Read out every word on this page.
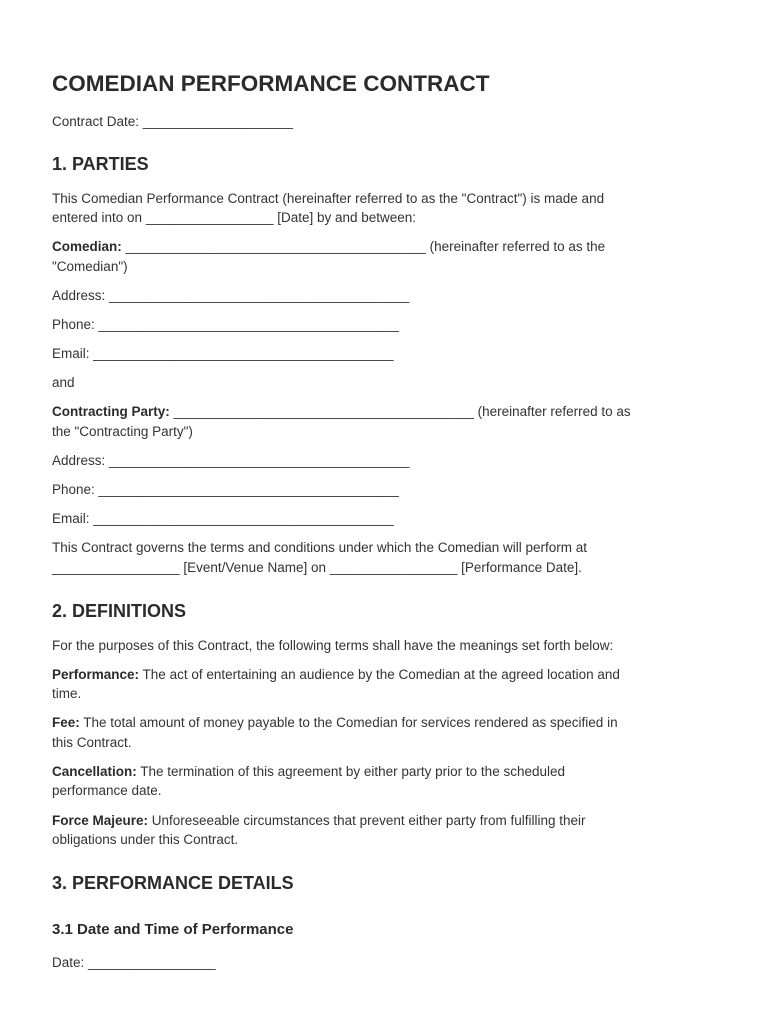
COMEDIAN PERFORMANCE CONTRACT
Contract Date: ____________________
1. PARTIES
This Comedian Performance Contract (hereinafter referred to as the "Contract") is made and
entered into on _________________ [Date] by and between:
Comedian: ________________________________________ (hereinafter referred to as the
"Comedian")
Address: ________________________________________
Phone: ________________________________________
Email: ________________________________________
and
Contracting Party: ________________________________________ (hereinafter referred to as
the "Contracting Party")
Address: ________________________________________
Phone: ________________________________________
Email: ________________________________________
This Contract governs the terms and conditions under which the Comedian will perform at
_________________ [Event/Venue Name] on _________________ [Performance Date].
2. DEFINITIONS
For the purposes of this Contract, the following terms shall have the meanings set forth below:
Performance: The act of entertaining an audience by the Comedian at the agreed location and
time.
Fee: The total amount of money payable to the Comedian for services rendered as specified in
this Contract.
Cancellation: The termination of this agreement by either party prior to the scheduled
performance date.
Force Majeure: Unforeseeable circumstances that prevent either party from fulfilling their
obligations under this Contract.
3. PERFORMANCE DETAILS
3.1 Date and Time of Performance
Date: _________________
